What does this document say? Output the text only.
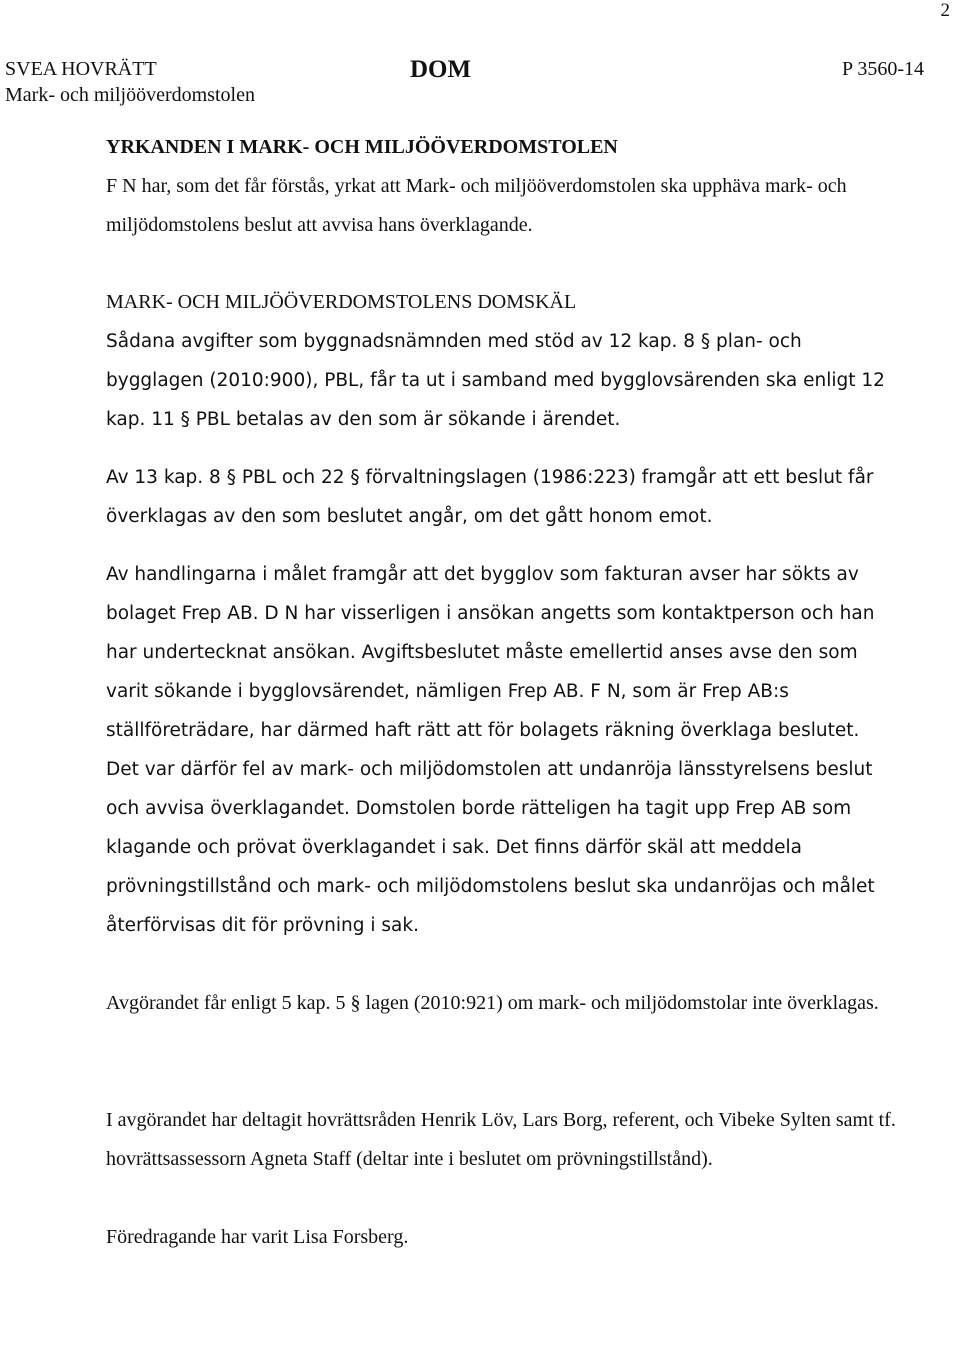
2
SVEA HOVRÄTT
Mark- och miljööverdomstolen
DOM	P 3560-14
YRKANDEN I MARK- OCH MILJÖÖVERDOMSTOLEN

F N har, som det får förstås, yrkat att Mark- och miljööverdomstolen ska upphäva mark- och miljödomstolens beslut att avvisa hans överklagande.

MARK- OCH MILJÖÖVERDOMSTOLENS DOMSKÄL

Sådana avgifter som byggnadsnämnden med stöd av 12 kap. 8 § plan- och bygglagen (2010:900), PBL, får ta ut i samband med bygglovsärenden ska enligt 12 kap. 11 § PBL betalas av den som är sökande i ärendet.

Av 13 kap. 8 § PBL och 22 § förvaltningslagen (1986:223) framgår att ett beslut får överklagas av den som beslutet angår, om det gått honom emot.

Av handlingarna i målet framgår att det bygglov som fakturan avser har sökts av bolaget Frep AB. D N har visserligen i ansökan angetts som kontaktperson och han har undertecknat ansökan. Avgiftsbeslutet måste emellertid anses avse den som varit sökande i bygglovsärendet, nämligen Frep AB. F N, som är Frep AB:s ställföreträdare, har därmed haft rätt att för bolagets räkning överklaga beslutet. Det var därför fel av mark- och miljödomstolen att undanröja länsstyrelsens beslut och avvisa överklagandet. Domstolen borde rätteligen ha tagit upp Frep AB som klagande och prövat överklagandet i sak. Det finns därför skäl att meddela prövningstillstånd och mark- och miljödomstolens beslut ska undanröjas och målet återförvisas dit för prövning i sak.

Avgörandet får enligt 5 kap. 5 § lagen (2010:921) om mark- och miljödomstolar inte överklagas.

I avgörandet har deltagit hovrättsråden Henrik Löv, Lars Borg, referent, och Vibeke Sylten samt tf. hovrättsassessorn Agneta Staff (deltar inte i beslutet om prövningstillstånd).

Föredragande har varit Lisa Forsberg.
